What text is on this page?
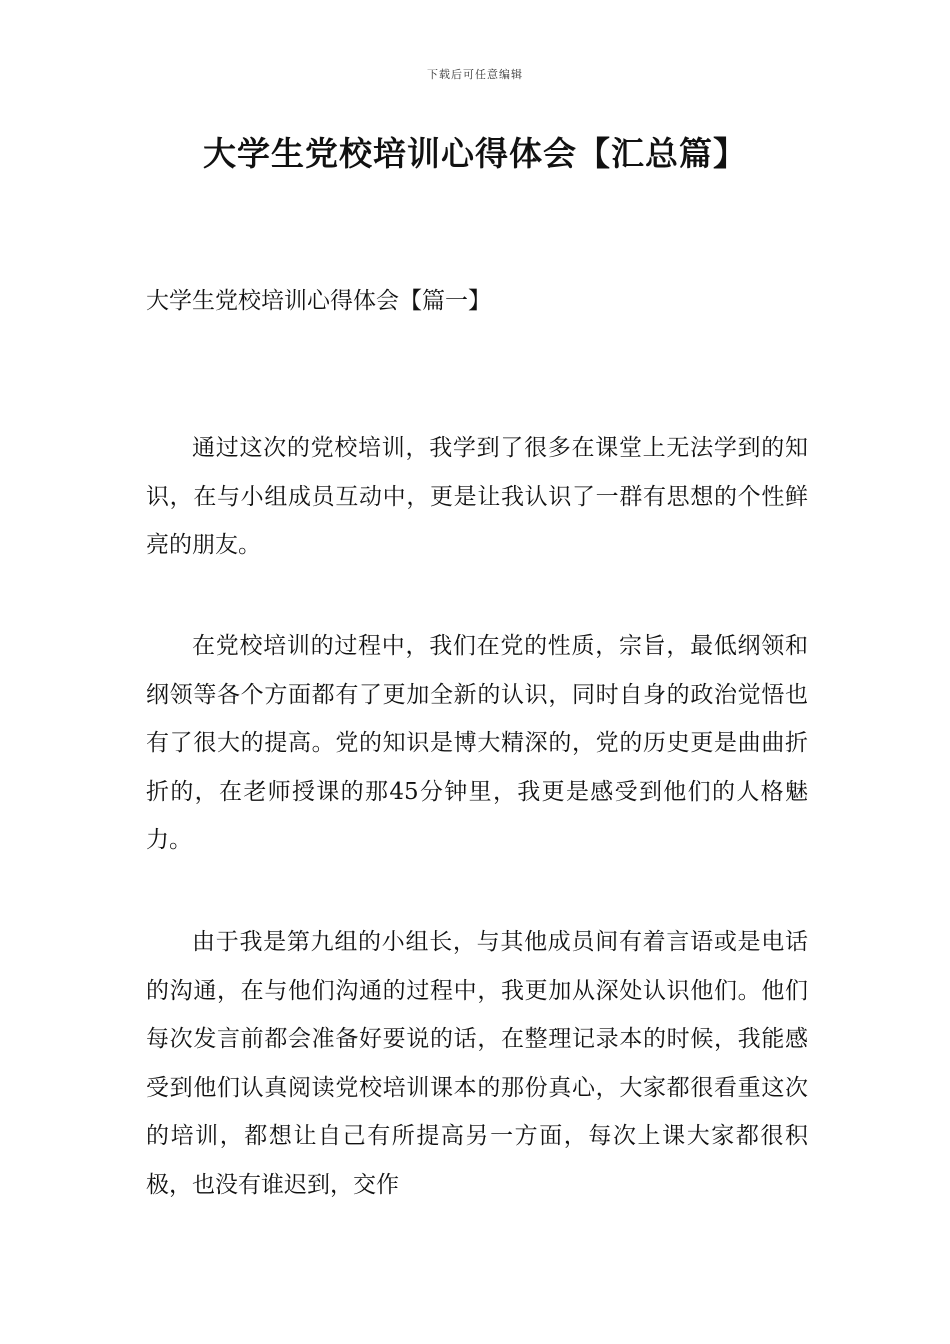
下载后可任意编辑
大学生党校培训心得体会【汇总篇】
大学生党校培训心得体会【篇一】

通过这次的党校培训，我学到了很多在课堂上无法学到的知识，在与小组成员互动中，更是让我认识了一群有思想的个性鲜亮的朋友。

在党校培训的过程中，我们在党的性质，宗旨，最低纲领和纲领等各个方面都有了更加全新的认识，同时自身的政治觉悟也有了很大的提高。党的知识是博大精深的，党的历史更是曲曲折折的，在老师授课的那45分钟里，我更是感受到他们的人格魅力。

由于我是第九组的小组长，与其他成员间有着言语或是电话的沟通，在与他们沟通的过程中，我更加从深处认识他们。他们每次发言前都会准备好要说的话，在整理记录本的时候，我能感受到他们认真阅读党校培训课本的那份真心，大家都很看重这次的培训，都想让自己有所提高另一方面，每次上课大家都很积极，也没有谁迟到，交作
